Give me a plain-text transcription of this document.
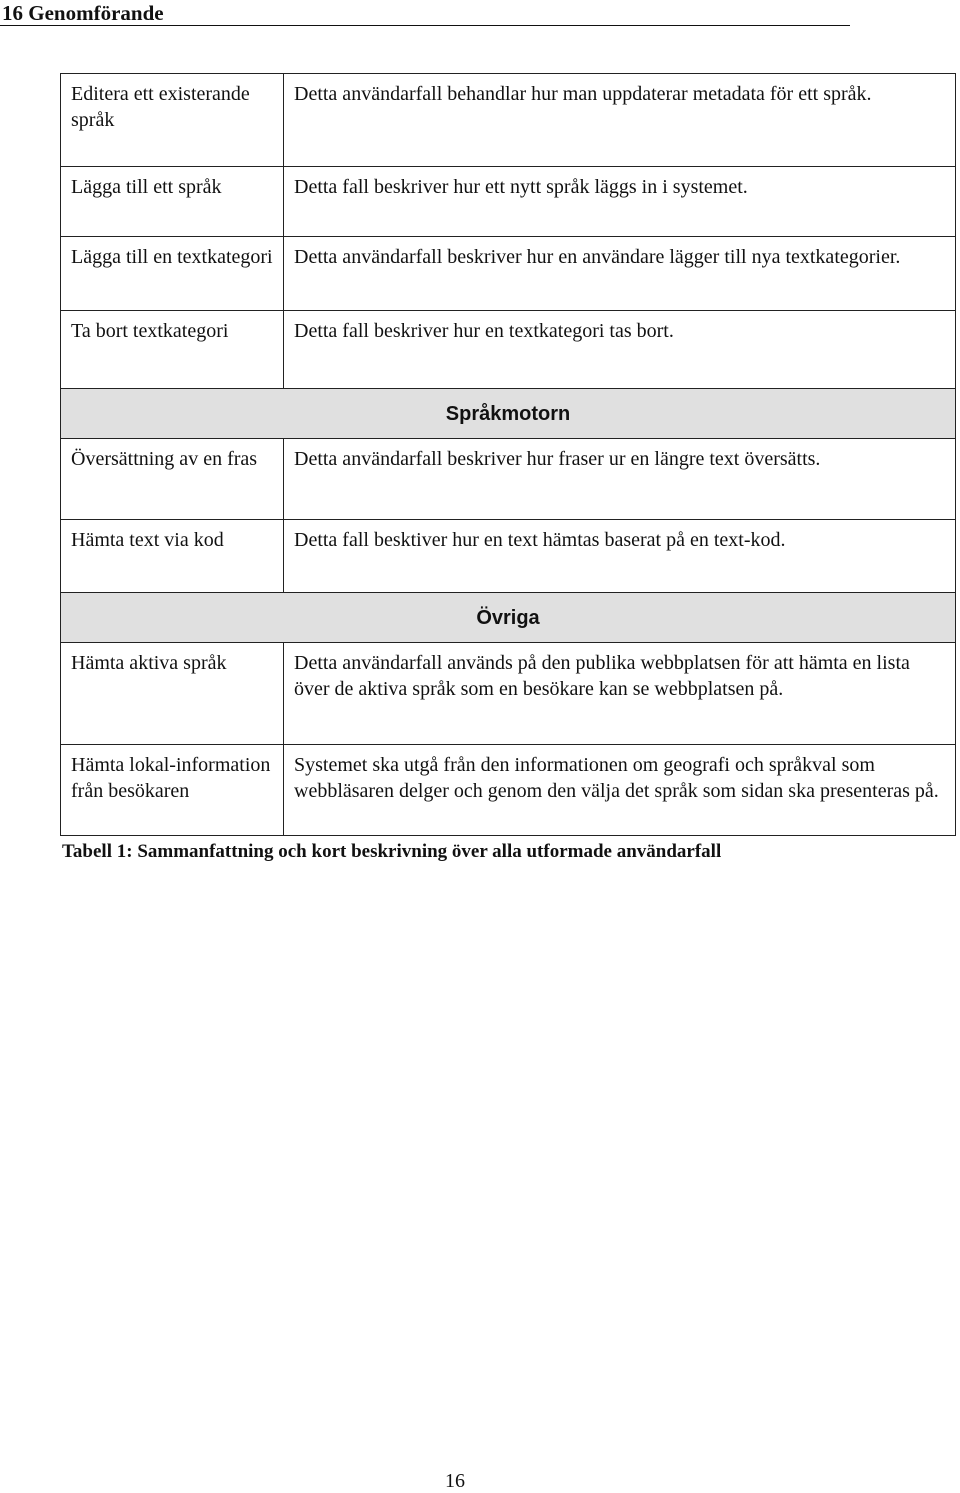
16 Genomförande
Editera ett existerande språk	Detta användarfall behandlar hur man uppdaterar metadata för ett språk.

Lägga till ett språk	Detta fall beskriver hur ett nytt språk läggs in i systemet.

Lägga till en textkategori	Detta användarfall beskriver hur en användare lägger till nya textkategorier.

Ta bort textkategori	Detta fall beskriver hur en textkategori tas bort.

Språkmotorn	

Översättning av en fras	Detta användarfall beskriver hur fraser ur en längre text översätts.

Hämta text via kod	Detta fall besktiver hur en text hämtas baserat på en text-kod.

Övriga	

Hämta aktiva språk	Detta användarfall används på den publika webbplatsen för att hämta en lista över de aktiva språk som en besökare kan se webbplatsen på.

Hämta lokal-information från besökaren	Systemet ska utgå från den informationen om geografi och språkval som webbläsaren delger och genom den välja det språk som sidan ska presenteras på.
Tabell 1: Sammanfattning och kort beskrivning över alla utformade användarfall
16
